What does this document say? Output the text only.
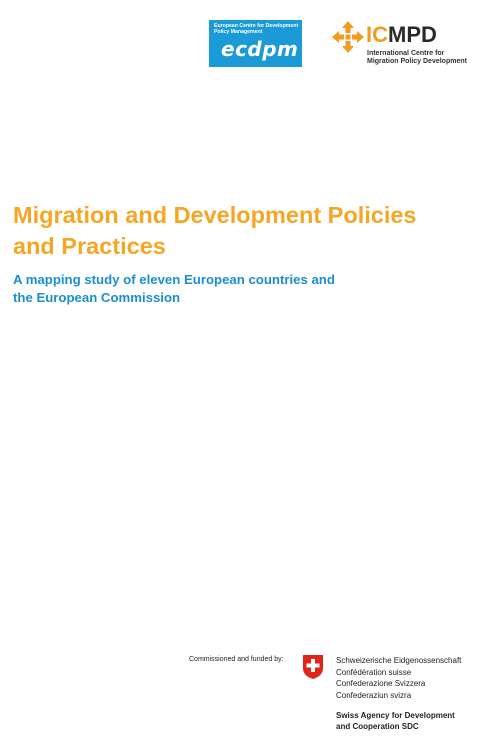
European Centre for Development
Policy Management
ecdpm
ICMPD
International Centre for
Migration Policy Development
Migration and Development Policies
and Practices
A mapping study of eleven European countries and
the European Commission
Commissioned and funded by:	Schweizerische Eidgenossenschaft
Confédération suisse
Confederazione Svizzera
Confederaziun svizra
Swiss Agency for Development
and Cooperation SDC
